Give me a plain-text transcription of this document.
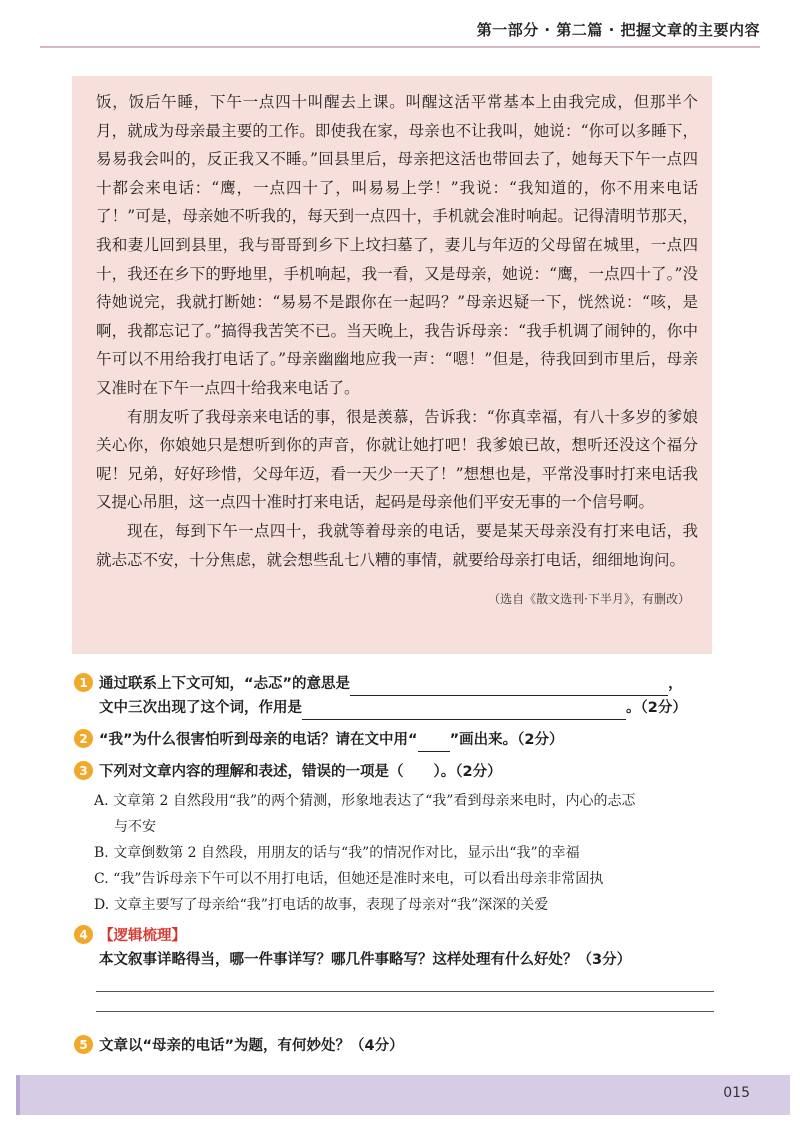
第一部分 · 第二篇 · 把握文章的主要内容

饭，饭后午睡，下午一点四十叫醒去上课。叫醒这活平常基本上由我完成，但那半个月，就成为母亲最主要的工作。即使我在家，母亲也不让我叫，她说：“你可以多睡下，易易我会叫的，反正我又不睡。”回县里后，母亲把这活也带回去了，她每天下午一点四十都会来电话：“鹰，一点四十了，叫易易上学！”我说：“我知道的，你不用来电话了！”可是，母亲她不听我的，每天到一点四十，手机就会准时响起。记得清明节那天，我和妻儿回到县里，我与哥哥到乡下上坟扫墓了，妻儿与年迈的父母留在城里，一点四十，我还在乡下的野地里，手机响起，我一看，又是母亲，她说：“鹰，一点四十了。”没待她说完，我就打断她：“易易不是跟你在一起吗？”母亲迟疑一下，恍然说：“咳，是啊，我都忘记了。”搞得我苦笑不已。当天晚上，我告诉母亲：“我手机调了闹钟的，你中午可以不用给我打电话了。”母亲幽幽地应我一声：“嗯！”但是，待我回到市里后，母亲又准时在下午一点四十给我来电话了。

有朋友听了我母亲来电话的事，很是羡慕，告诉我：“你真幸福，有八十多岁的爹娘关心你，你娘她只是想听到你的声音，你就让她打吧！我爹娘已故，想听还没这个福分呢！兄弟，好好珍惜，父母年迈，看一天少一天了！”想想也是，平常没事时打来电话我又提心吊胆，这一点四十准时打来电话，起码是母亲他们平安无事的一个信号啊。

现在，每到下午一点四十，我就等着母亲的电话，要是某天母亲没有打来电话，我就忐忑不安，十分焦虑，就会想些乱七八糟的事情，就要给母亲打电话，细细地询问。

（选自《散文选刊·下半月》，有删改）
1 通过联系上下文可知，“忐忑”的意思是	，
文中三次出现了这个词，作用是	。（2分）
2 “我”为什么很害怕听到母亲的电话？请在文中用“ ”画出来。（2分）
3 下列对文章内容的理解和表述，错误的一项是（ ）。（2分）
A. 文章第 2 自然段用“我”的两个猜测，形象地表达了“我”看到母亲来电时，内心的忐忑
与不安
B. 文章倒数第 2 自然段，用朋友的话与“我”的情况作对比，显示出“我”的幸福
C. “我”告诉母亲下午可以不用打电话，但她还是准时来电，可以看出母亲非常固执
D. 文章主要写了母亲给“我”打电话的故事，表现了母亲对“我”深深的关爱
4 【逻辑梳理】本文叙事详略得当，哪一件事详写？哪几件事略写？这样处理有什么好处？（3分）
5 文章以“母亲的电话”为题，有何妙处？（4分）
015
